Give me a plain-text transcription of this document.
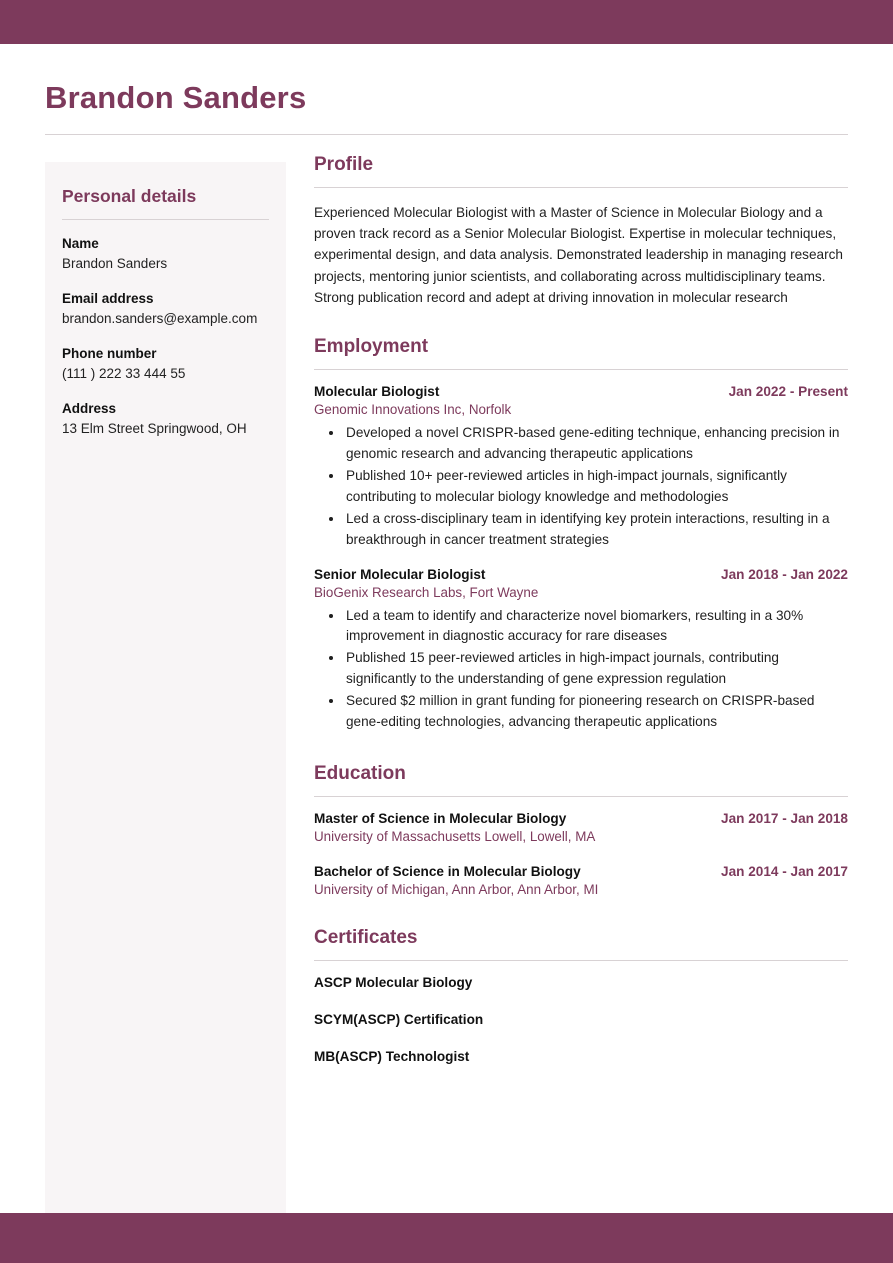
Brandon Sanders
Personal details
Name
Brandon Sanders
Email address
brandon.sanders@example.com
Phone number
(111 ) 222 33 444 55
Address
13 Elm Street Springwood, OH
Profile

Experienced Molecular Biologist with a Master of Science in Molecular Biology and a proven track record as a Senior Molecular Biologist. Expertise in molecular techniques, experimental design, and data analysis. Demonstrated leadership in managing research projects, mentoring junior scientists, and collaborating across multidisciplinary teams. Strong publication record and adept at driving innovation in molecular research

Employment
Molecular Biologist	Jan 2022 - Present
Genomic Innovations Inc, Norfolk
• Developed a novel CRISPR-based gene-editing technique, enhancing precision in genomic research and advancing therapeutic applications
• Published 10+ peer-reviewed articles in high-impact journals, significantly contributing to molecular biology knowledge and methodologies
• Led a cross-disciplinary team in identifying key protein interactions, resulting in a breakthrough in cancer treatment strategies
Senior Molecular Biologist	Jan 2018 - Jan 2022
BioGenix Research Labs, Fort Wayne
• Led a team to identify and characterize novel biomarkers, resulting in a 30% improvement in diagnostic accuracy for rare diseases
• Published 15 peer-reviewed articles in high-impact journals, contributing significantly to the understanding of gene expression regulation
• Secured $2 million in grant funding for pioneering research on CRISPR-based gene-editing technologies, advancing therapeutic applications
Education
Master of Science in Molecular Biology	Jan 2017 - Jan 2018
University of Massachusetts Lowell, Lowell, MA
Bachelor of Science in Molecular Biology	Jan 2014 - Jan 2017
University of Michigan, Ann Arbor, Ann Arbor, MI
Certificates
ASCP Molecular Biology
SCYM(ASCP) Certification
MB(ASCP) Technologist
